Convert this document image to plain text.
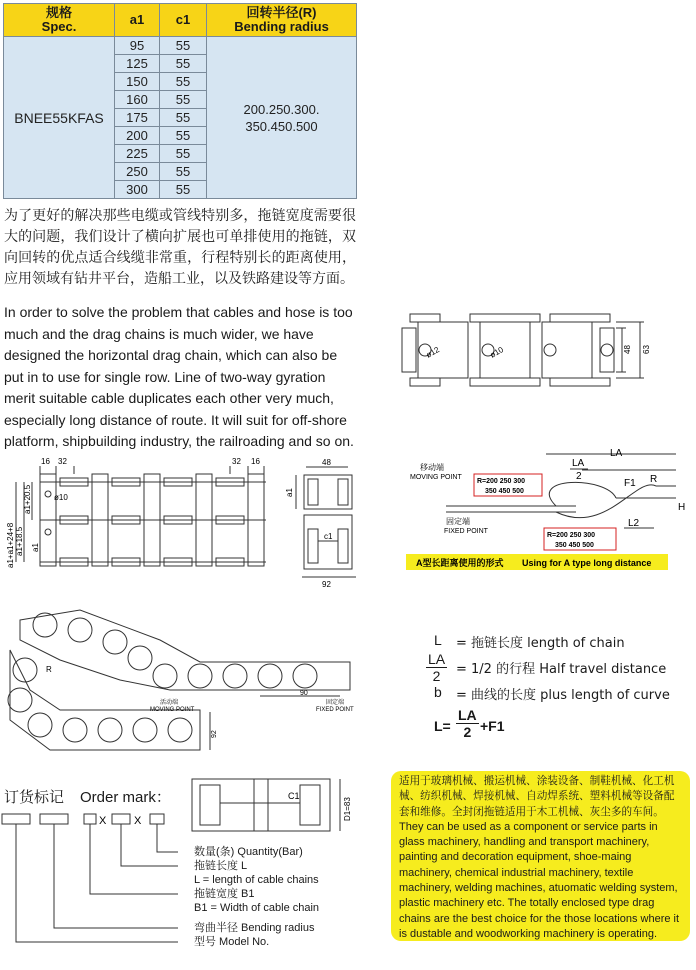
规格
Spec.	a1	c1	回转半径(R)
Bending radius
BNEE55KFAS	95	55	200.250.300.
350.450.500
	125	55	
	150	55	
	160	55	
	175	55	
	200	55	
	225	55	
	250	55	
	300	55	
为了更好的解决那些电缆或管线特别多，拖链宽度需要很大的问题，我们设计了横向扩展也可单排使用的拖链，双向回转的优点适合线缆非常重，行程特别长的距离使用，应用领域有钻井平台，造船工业，以及铁路建设等方面。
In order to solve the problem that cables and hose is too much and the drag chains is much wider, we have designed the horizontal drag chain, which can also be put in to use for single row. Line of two-way gyration merit suitable cable duplicates each other very much, especially long distance of route. It will suit for off-shore platform, shipbuilding industry, the railroading and so on.
ø12	ø10	48 63
16 32	32 16
a1+20.5
a1
a1+18.5
a1+a1+24+8
ø10
48
a1
c1
92
移动端
MOVING POINT
固定端
FIXED POINT
LA
LA
2
F1 R
H
L2
R=200 250 300
350 450 500
R=200 250 300
350 450 500
A型长距离使用的形式 Using for A type long distance
R
活动端
MOVING POINT
固定端
FIXED POINT
90
92
L = 拖链长度 length of chain
$\frac{LA}{2} = 1/2$ 的行程 Half travel distance
b = 曲线的长度 plus length of curve
$L= \frac{LA}{2} +F1$
订货标记 Order mark：	C1
D1=83
X	X
数量(条) Quantity(Bar)
拖链长度 L
L = length of cable chains
拖链宽度 B1
B1 = Width of cable chain
弯曲半径 Bending radius
型号 Model No.
适用于玻璃机械、搬运机械、涂装设备、制鞋机械、化工机械、纺织机械、焊接机械、自动焊系统、塑料机械等设备配套和维修。全封闭拖链适用于木工机械、灰尘多的车间。
They can be used as a component or service parts in glass machinery, handling and transport machinery, painting and decoration equipment, shoe-maing machinery, chemical industrial machinery, textile machinery, welding machines, atuomatic welding system, plastic machinery etc. The totally enclosed type drag chains are the best choice for the those locations where it is dustable and woodworking machinery is operating.
